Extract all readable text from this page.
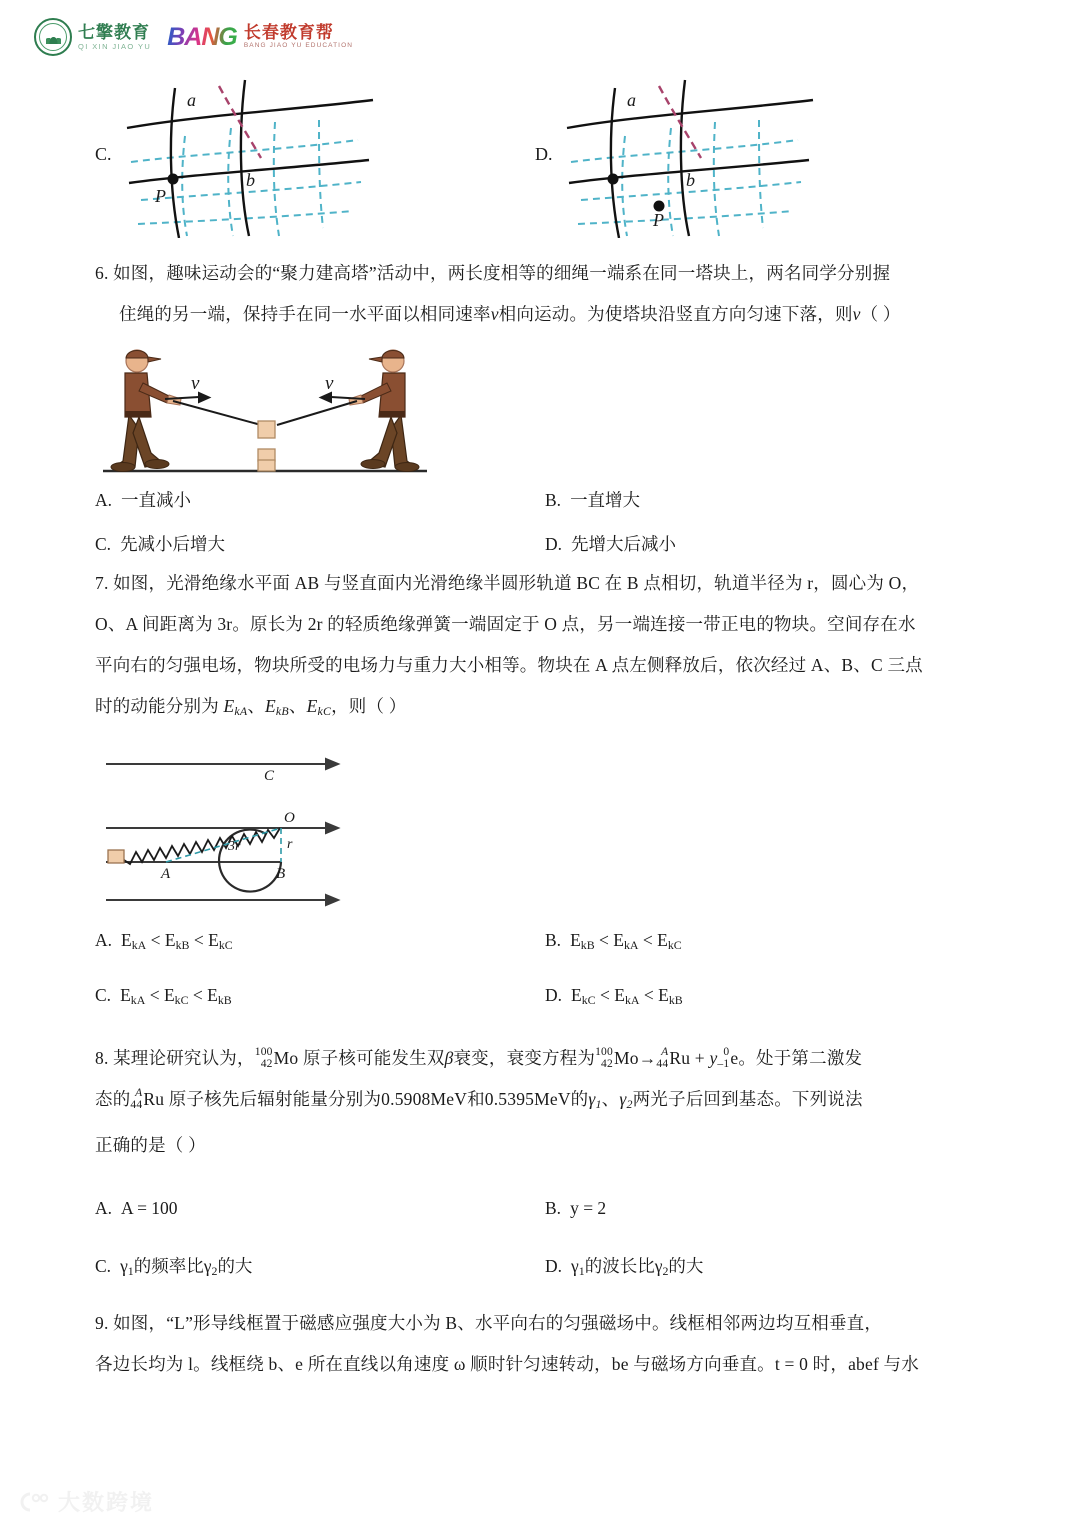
七擎教育
QI XIN JIAO YU BANG 长春教育帮
BANG JIAO YU EDUCATION
C.
a
b
P
D.
a
b
P
6. 如图，趣味运动会的“聚力建高塔”活动中，两长度相等的细绳一端系在同一塔块上，两名同学分别握
住绳的另一端，保持手在同一水平面以相同速率v相向运动。为使塔块沿竖直方向匀速下落，则v（ ）
v	v
A. 一直减小	B. 一直增大
C. 先减小后增大	D. 先增大后减小
7. 如图，光滑绝缘水平面 AB 与竖直面内光滑绝缘半圆形轨道 BC 在 B 点相切，轨道半径为 r，圆心为 O，
O、A 间距离为 3r。原长为 2r 的轻质绝缘弹簧一端固定于 O 点，另一端连接一带正电的物块。空间存在水
平向右的匀强电场，物块所受的电场力与重力大小相等。物块在 A 点左侧释放后，依次经过 A、B、C 三点
时的动能分别为 $E_{kA}$、$E_{kB}$、$E_{kC}$，则（ ）
C
O
A	B
3r	r
A. $E_{kA} < E_{kB} < E_{kC}$	B. $E_{kB} < E_{kA} < E_{kC}$
C. $E_{kA} < E_{kC} < E_{kB}$	D. $E_{kC} < E_{kA} < E_{kB}$
8. 某理论研究认为， 100
42 Mo 原子核可能发生双β衰变，衰变方程为 100
42 Mo→ A
44 Ru + y 0
–1 e。处于第二激发
态的 A
44 Ru 原子核先后辐射能量分别为0.5908MeV和0.5395MeV的$\gamma_1$、$\gamma_2$两光子后回到基态。下列说法
正确的是（ ）
A. A = 100	B. y = 2
C. $\gamma_1$的频率比$\gamma_2$的大	D. $\gamma_1$的波长比$\gamma_2$的大
9. 如图，“L”形导线框置于磁感应强度大小为 B、水平向右的匀强磁场中。线框相邻两边均互相垂直，
各边长均为 l。线框绕 b、e 所在直线以角速度 ω 顺时针匀速转动，be 与磁场方向垂直。t = 0 时，abef 与水
大数跨境
